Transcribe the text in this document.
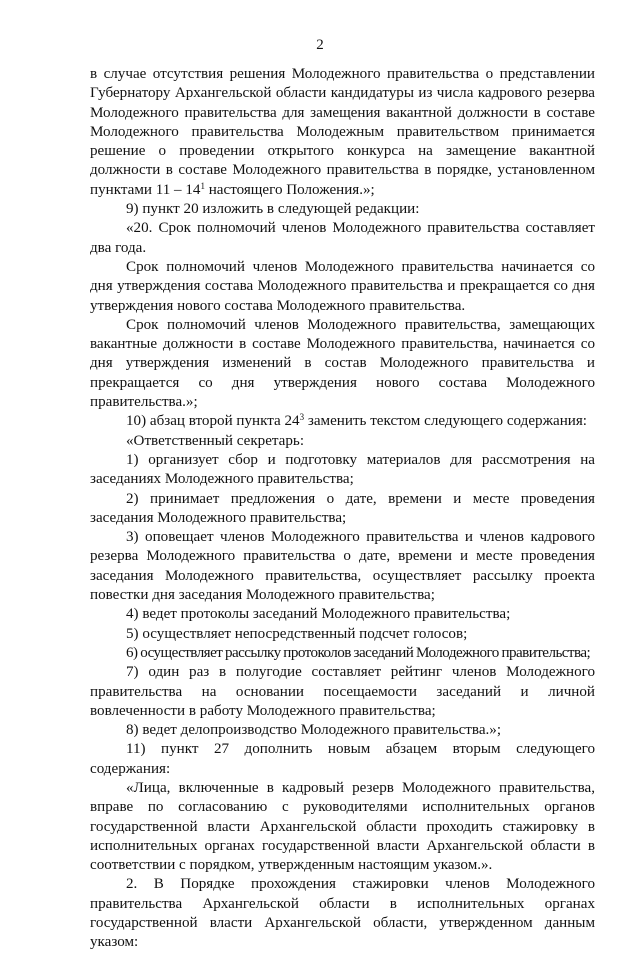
2

в случае отсутствия решения Молодежного правительства о представлении Губернатору Архангельской области кандидатуры из числа кадрового резерва Молодежного правительства для замещения вакантной должности в составе Молодежного правительства Молодежным правительством принимается решение о проведении открытого конкурса на замещение вакантной должности в составе Молодежного правительства в порядке, установленном пунктами $11 - 14^1$ настоящего Положения.»;

9) пункт 20 изложить в следующей редакции:

«20. Срок полномочий членов Молодежного правительства составляет два года.

Срок полномочий членов Молодежного правительства начинается со дня утверждения состава Молодежного правительства и прекращается со дня утверждения нового состава Молодежного правительства.

Срок полномочий членов Молодежного правительства, замещающих вакантные должности в составе Молодежного правительства, начинается со дня утверждения изменений в состав Молодежного правительства и прекращается со дня утверждения нового состава Молодежного правительства.»;

10) абзац второй пункта $24^3$ заменить текстом следующего содержания:

«Ответственный секретарь:

1) организует сбор и подготовку материалов для рассмотрения на заседаниях Молодежного правительства;

2) принимает предложения о дате, времени и месте проведения заседания Молодежного правительства;

3) оповещает членов Молодежного правительства и членов кадрового резерва Молодежного правительства о дате, времени и месте проведения заседания Молодежного правительства, осуществляет рассылку проекта повестки дня заседания Молодежного правительства;

4) ведет протоколы заседаний Молодежного правительства;

5) осуществляет непосредственный подсчет голосов;

6) осуществляет рассылку протоколов заседаний Молодежного правительства;

7) один раз в полугодие составляет рейтинг членов Молодежного правительства на основании посещаемости заседаний и личной вовлеченности в работу Молодежного правительства;

8) ведет делопроизводство Молодежного правительства.»;

11) пункт 27 дополнить новым абзацем вторым следующего содержания:

«Лица, включенные в кадровый резерв Молодежного правительства, вправе по согласованию с руководителями исполнительных органов государственной власти Архангельской области проходить стажировку в исполнительных органах государственной власти Архангельской области в соответствии с порядком, утвержденным настоящим указом.».

2. В Порядке прохождения стажировки членов Молодежного правительства Архангельской области в исполнительных органах государственной власти Архангельской области, утвержденном данным указом:
